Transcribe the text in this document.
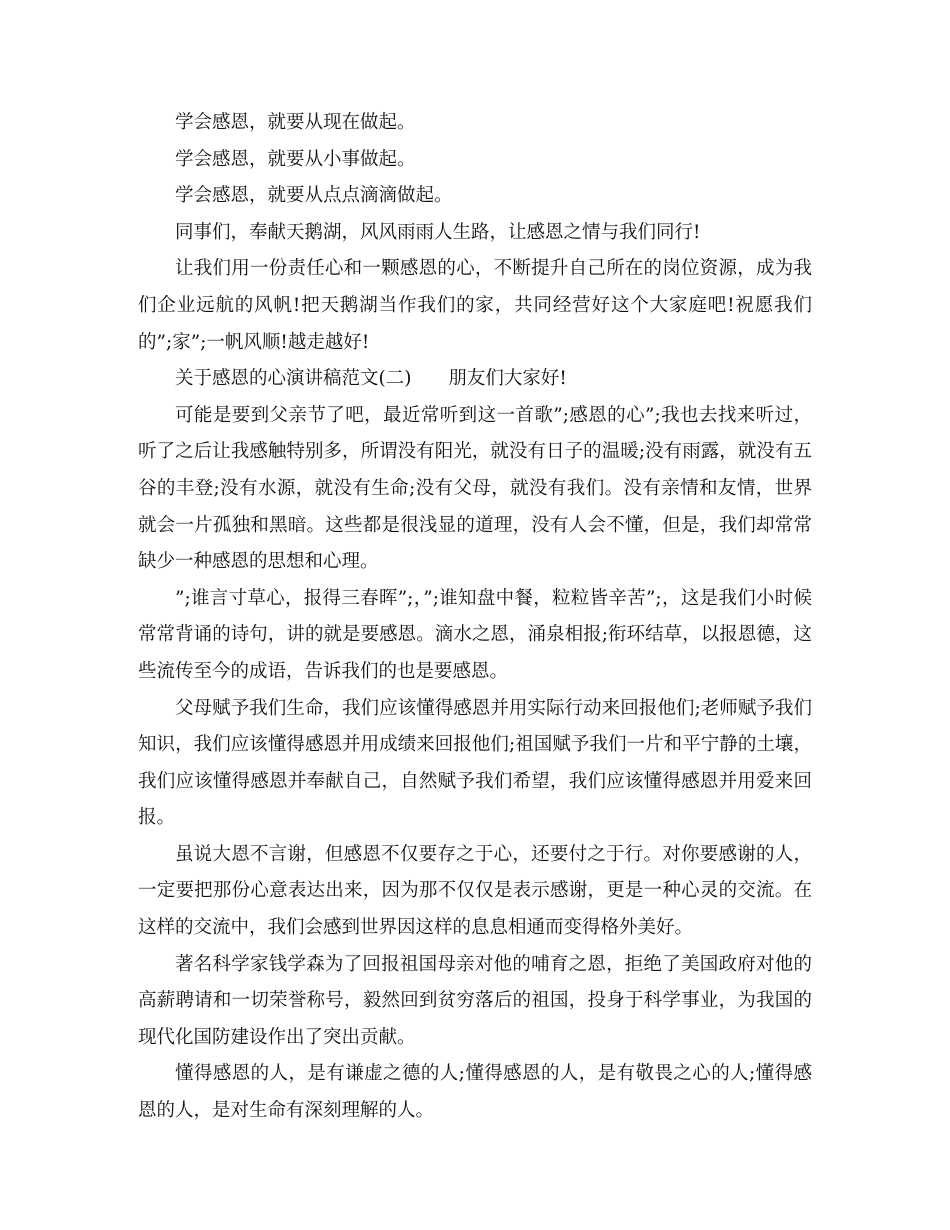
学会感恩，就要从现在做起。

学会感恩，就要从小事做起。

学会感恩，就要从点点滴滴做起。

同事们，奉献天鹅湖，风风雨雨人生路，让感恩之情与我们同行!

让我们用一份责任心和一颗感恩的心，不断提升自己所在的岗位资源，成为我们企业远航的风帆!把天鹅湖当作我们的家，共同经营好这个大家庭吧!祝愿我们的”;家”;一帆风顺!越走越好!

关于感恩的心演讲稿范文(二)　　朋友们大家好!

可能是要到父亲节了吧，最近常听到这一首歌”;感恩的心”;我也去找来听过，听了之后让我感触特别多，所谓没有阳光，就没有日子的温暖;没有雨露，就没有五谷的丰登;没有水源，就没有生命;没有父母，就没有我们。没有亲情和友情，世界就会一片孤独和黑暗。这些都是很浅显的道理，没有人会不懂，但是，我们却常常缺少一种感恩的思想和心理。

”;谁言寸草心，报得三春晖”;，”;谁知盘中餐，粒粒皆辛苦”;，这是我们小时候常常背诵的诗句，讲的就是要感恩。滴水之恩，涌泉相报;衔环结草，以报恩德，这些流传至今的成语，告诉我们的也是要感恩。

父母赋予我们生命，我们应该懂得感恩并用实际行动来回报他们;老师赋予我们知识，我们应该懂得感恩并用成绩来回报他们;祖国赋予我们一片和平宁静的土壤，我们应该懂得感恩并奉献自己，自然赋予我们希望，我们应该懂得感恩并用爱来回报。

虽说大恩不言谢，但感恩不仅要存之于心，还要付之于行。对你要感谢的人，一定要把那份心意表达出来，因为那不仅仅是表示感谢，更是一种心灵的交流。在这样的交流中，我们会感到世界因这样的息息相通而变得格外美好。

著名科学家钱学森为了回报祖国母亲对他的哺育之恩，拒绝了美国政府对他的高薪聘请和一切荣誉称号，毅然回到贫穷落后的祖国，投身于科学事业，为我国的现代化国防建设作出了突出贡献。

懂得感恩的人，是有谦虚之德的人;懂得感恩的人，是有敬畏之心的人;懂得感恩的人，是对生命有深刻理解的人。
